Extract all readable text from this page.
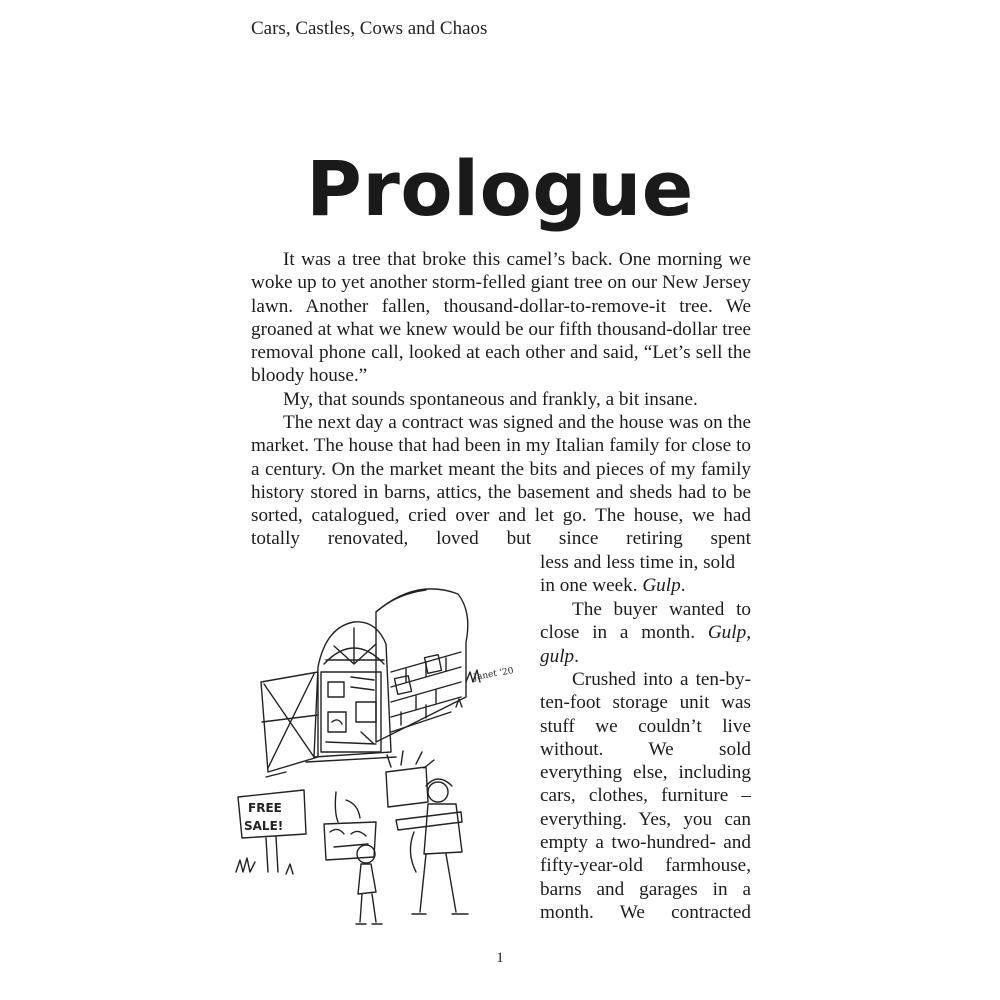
Cars, Castles, Cows and Chaos
Prologue

It was a tree that broke this camel’s back. One morning we woke up to yet another storm-felled giant tree on our New Jersey lawn. Another fallen, thousand-dollar-to-remove-it tree. We groaned at what we knew would be our fifth thousand-dollar tree removal phone call, looked at each other and said, “Let’s sell the bloody house.”

My, that sounds spontaneous and frankly, a bit insane.

The next day a contract was signed and the house was on the market. The house that had been in my Italian family for close to a century. On the market meant the bits and pieces of my family history stored in barns, attics, the basement and sheds had to be sorted, catalogued, cried over and let go. The house, we had totally renovated, loved but since retiring spent

less and less time in, sold in one week. Gulp.

The buyer wanted to close in a month. Gulp, gulp.

Crushed into a ten-by-ten-foot storage unit was stuff we couldn’t live without. We sold everything else, including cars, clothes, furniture – everything. Yes, you can empty a two-hundred- and fifty-year-old farmhouse, barns and garages in a month. We contracted

Janet '20
FREE
SALE!
1
